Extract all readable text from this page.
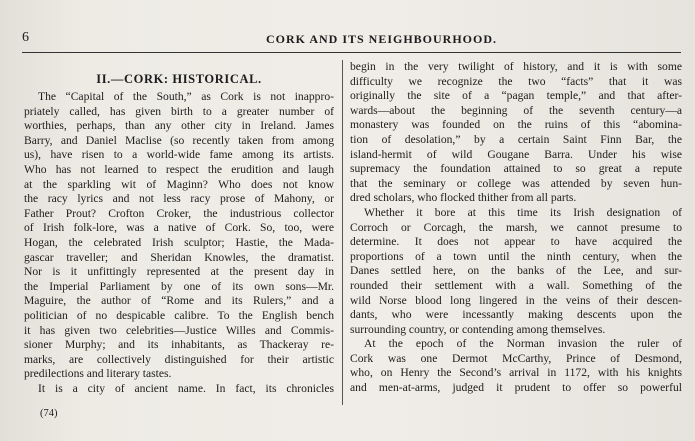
6	CORK AND ITS NEIGHBOURHOOD.
II.—CORK: HISTORICAL.
The “Capital of the South,” as Cork is not inappro-
priately called, has given birth to a greater number of
worthies, perhaps, than any other city in Ireland. James
Barry, and Daniel Maclise (so recently taken from among
us), have risen to a world-wide fame among its artists.
Who has not learned to respect the erudition and laugh
at the sparkling wit of Maginn? Who does not know
the racy lyrics and not less racy prose of Mahony, or
Father Prout? Crofton Croker, the industrious collector
of Irish folk-lore, was a native of Cork. So, too, were
Hogan, the celebrated Irish sculptor; Hastie, the Mada-
gascar traveller; and Sheridan Knowles, the dramatist.
Nor is it unfittingly represented at the present day in
the Imperial Parliament by one of its own sons—Mr.
Maguire, the author of “Rome and its Rulers,” and a
politician of no despicable calibre. To the English bench
it has given two celebrities—Justice Willes and Commis-
sioner Murphy; and its inhabitants, as Thackeray re-
marks, are collectively distinguished for their artistic
predilections and literary tastes.
It is a city of ancient name. In fact, its chronicles
begin in the very twilight of history, and it is with some
difficulty we recognize the two “facts” that it was
originally the site of a “pagan temple,” and that after-
wards—about the beginning of the seventh century—a
monastery was founded on the ruins of this “abomina-
tion of desolation,” by a certain Saint Finn Bar, the
island-hermit of wild Gougane Barra. Under his wise
supremacy the foundation attained to so great a repute
that the seminary or college was attended by seven hun-
dred scholars, who flocked thither from all parts.
Whether it bore at this time its Irish designation of
Corroch or Corcagh, the marsh, we cannot presume to
determine. It does not appear to have acquired the
proportions of a town until the ninth century, when the
Danes settled here, on the banks of the Lee, and sur-
rounded their settlement with a wall. Something of the
wild Norse blood long lingered in the veins of their descen-
dants, who were incessantly making descents upon the
surrounding country, or contending among themselves.
At the epoch of the Norman invasion the ruler of
Cork was one Dermot McCarthy, Prince of Desmond,
who, on Henry the Second’s arrival in 1172, with his knights
and men-at-arms, judged it prudent to offer so powerful
(74)
